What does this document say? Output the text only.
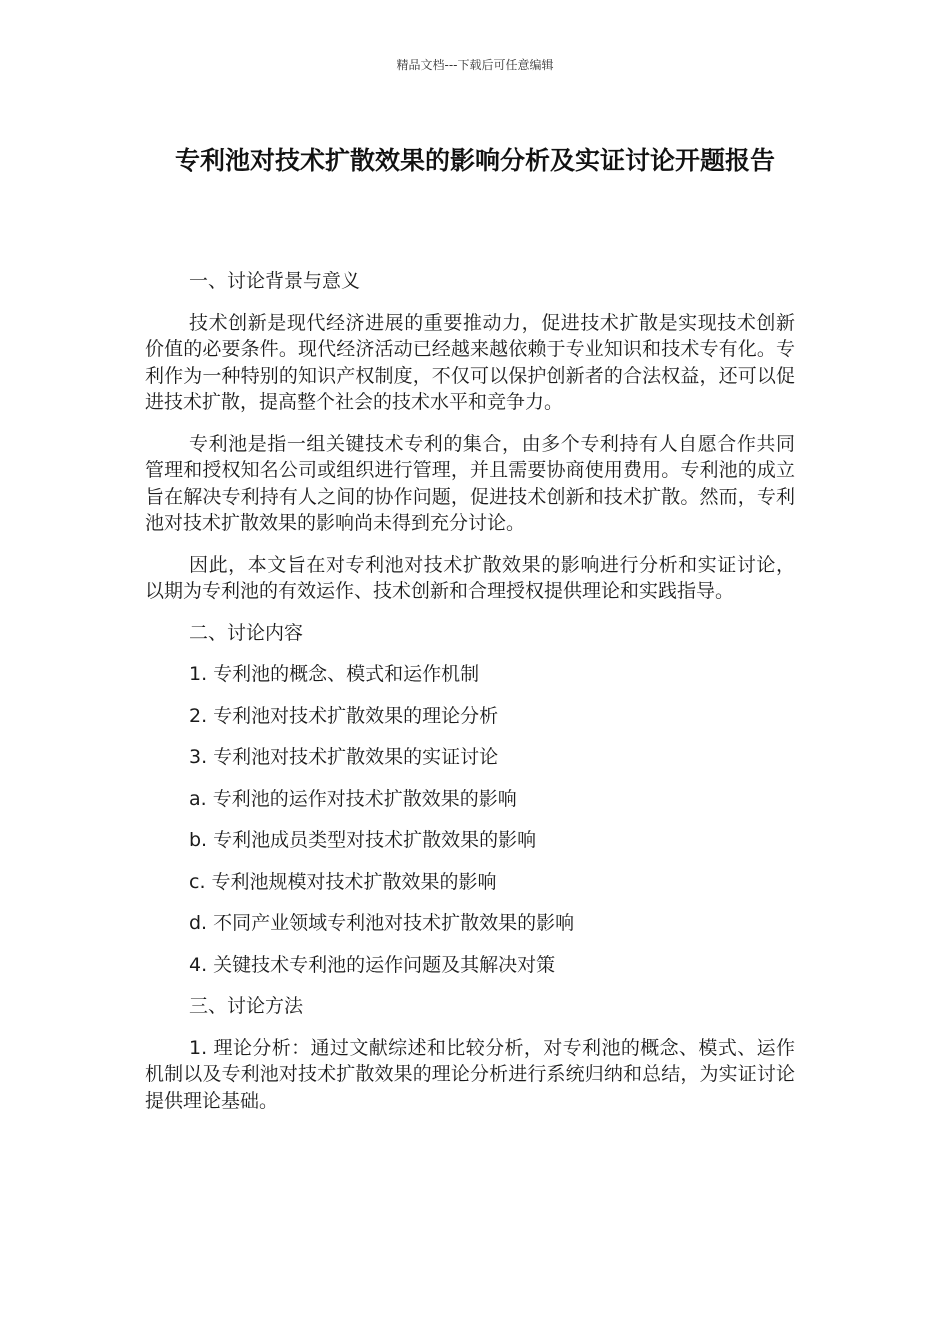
精品文档---下载后可任意编辑
专利池对技术扩散效果的影响分析及实证讨论开题报告
一、讨论背景与意义
技术创新是现代经济进展的重要推动力，促进技术扩散是实现技术创新价值的必要条件。现代经济活动已经越来越依赖于专业知识和技术专有化。专利作为一种特别的知识产权制度，不仅可以保护创新者的合法权益，还可以促进技术扩散，提高整个社会的技术水平和竞争力。
专利池是指一组关键技术专利的集合，由多个专利持有人自愿合作共同管理和授权知名公司或组织进行管理，并且需要协商使用费用。专利池的成立旨在解决专利持有人之间的协作问题，促进技术创新和技术扩散。然而，专利池对技术扩散效果的影响尚未得到充分讨论。
因此，本文旨在对专利池对技术扩散效果的影响进行分析和实证讨论，以期为专利池的有效运作、技术创新和合理授权提供理论和实践指导。
二、讨论内容
1. 专利池的概念、模式和运作机制
2. 专利池对技术扩散效果的理论分析
3. 专利池对技术扩散效果的实证讨论
a. 专利池的运作对技术扩散效果的影响
b. 专利池成员类型对技术扩散效果的影响
c. 专利池规模对技术扩散效果的影响
d. 不同产业领域专利池对技术扩散效果的影响
4. 关键技术专利池的运作问题及其解决对策
三、讨论方法
1. 理论分析：通过文献综述和比较分析，对专利池的概念、模式、运作机制以及专利池对技术扩散效果的理论分析进行系统归纳和总结，为实证讨论提供理论基础。
